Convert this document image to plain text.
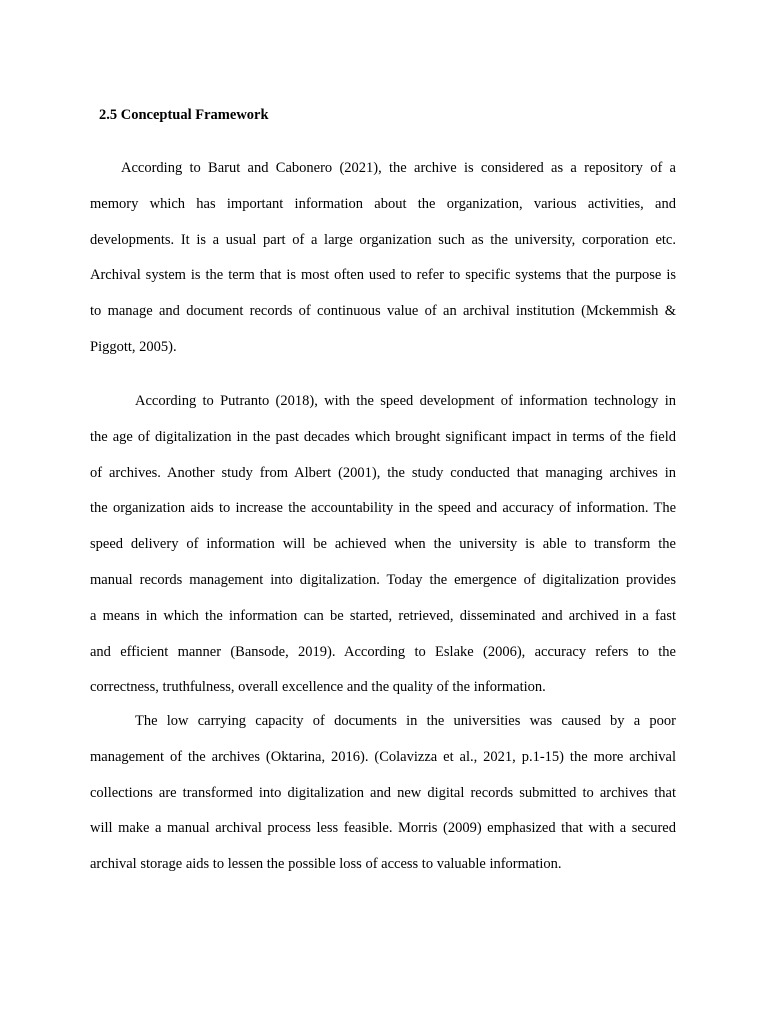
2.5 Conceptual Framework
According to Barut and Cabonero (2021), the archive is considered as a repository of a
memory which has important information about the organization, various activities, and
developments. It is a usual part of a large organization such as the university, corporation etc.
Archival system is the term that is most often used to refer to specific systems that the purpose is
to manage and document records of continuous value of an archival institution (Mckemmish &
Piggott, 2005).
According to Putranto (2018), with the speed development of information technology in
the age of digitalization in the past decades which brought significant impact in terms of the field
of archives. Another study from Albert (2001), the study conducted that managing archives in
the organization aids to increase the accountability in the speed and accuracy of information. The
speed delivery of information will be achieved when the university is able to transform the
manual records management into digitalization. Today the emergence of digitalization provides
a means in which the information can be started, retrieved, disseminated and archived in a fast
and efficient manner (Bansode, 2019). According to Eslake (2006), accuracy refers to the
correctness, truthfulness, overall excellence and the quality of the information.
The low carrying capacity of documents in the universities was caused by a poor
management of the archives (Oktarina, 2016). (Colavizza et al., 2021, p.1-15) the more archival
collections are transformed into digitalization and new digital records submitted to archives that
will make a manual archival process less feasible. Morris (2009) emphasized that with a secured
archival storage aids to lessen the possible loss of access to valuable information.
